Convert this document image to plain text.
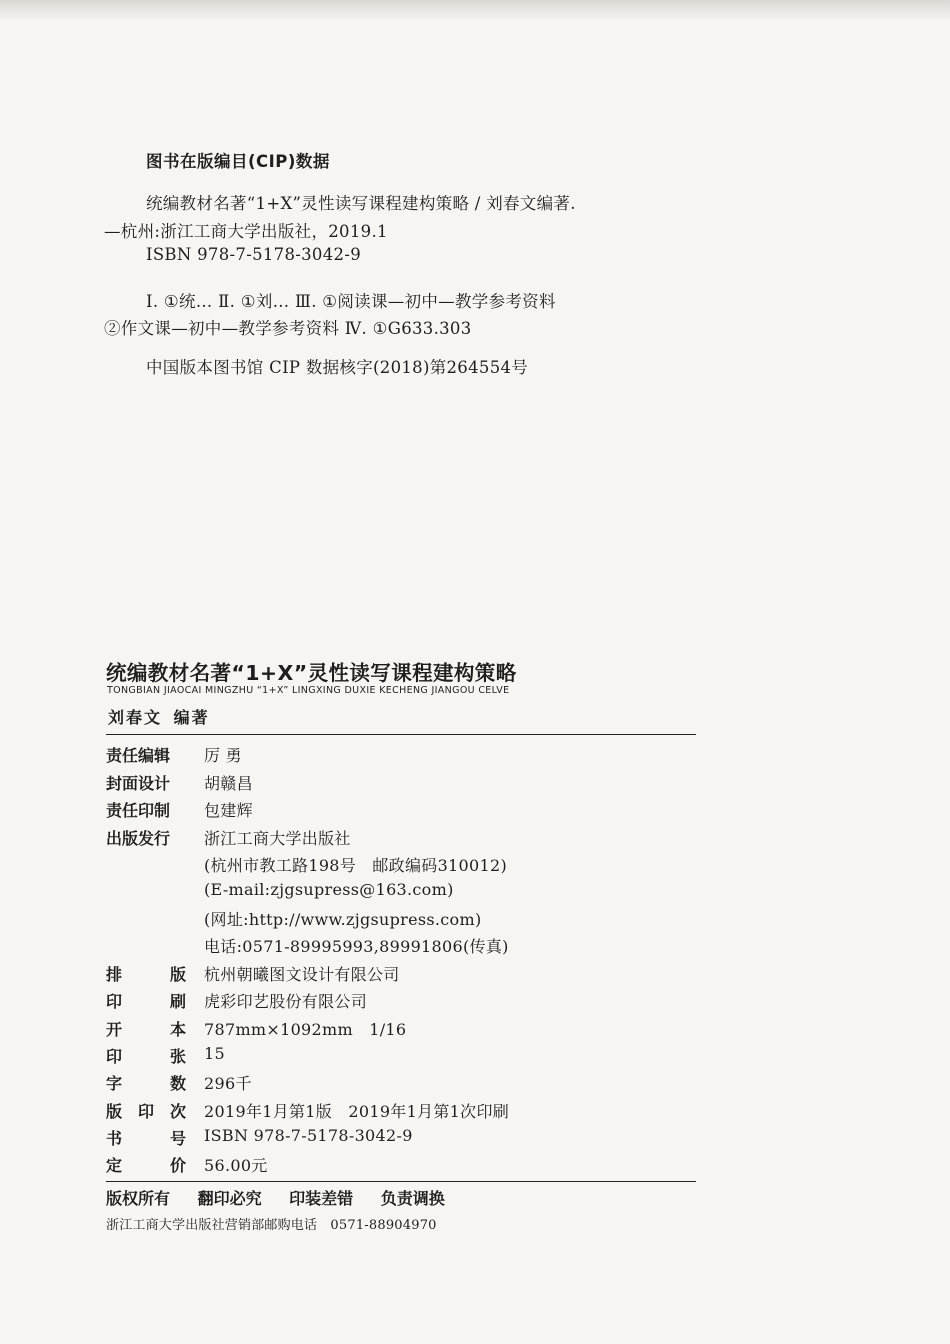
图书在版编目(CIP)数据
统编教材名著“1+X”灵性读写课程建构策略 / 刘春文编著.
—杭州:浙江工商大学出版社，2019.1
ISBN 978-7-5178-3042-9
Ⅰ. ①统… Ⅱ. ①刘… Ⅲ. ①阅读课—初中—教学参考资料
②作文课—初中—教学参考资料 Ⅳ. ①G633.303
中国版本图书馆 CIP 数据核字(2018)第264554号
统编教材名著“1+X”灵性读写课程建构策略
TONGBIAN JIAOCAI MINGZHU “1+X” LINGXING DUXIE KECHENG JIANGOU CELVE
刘春文 编著
责任编辑	厉 勇
封面设计	胡赣昌
责任印制	包建辉
出版发行	浙江工商大学出版社
(杭州市教工路198号　邮政编码310012)
(E-mail:zjgsupress@163.com)
(网址:http://www.zjgsupress.com)
电话:0571-89995993,89991806(传真)
排	版 杭州朝曦图文设计有限公司
印	刷 虎彩印艺股份有限公司
开	本 787mm×1092mm　1/16
印	张 15
字	数 296千
版 印 次 2019年1月第1版　2019年1月第1次印刷
书	号 ISBN 978-7-5178-3042-9
定	价 56.00元
版权所有 翻印必究 印装差错 负责调换
浙江工商大学出版社营销部邮购电话　0571-88904970
